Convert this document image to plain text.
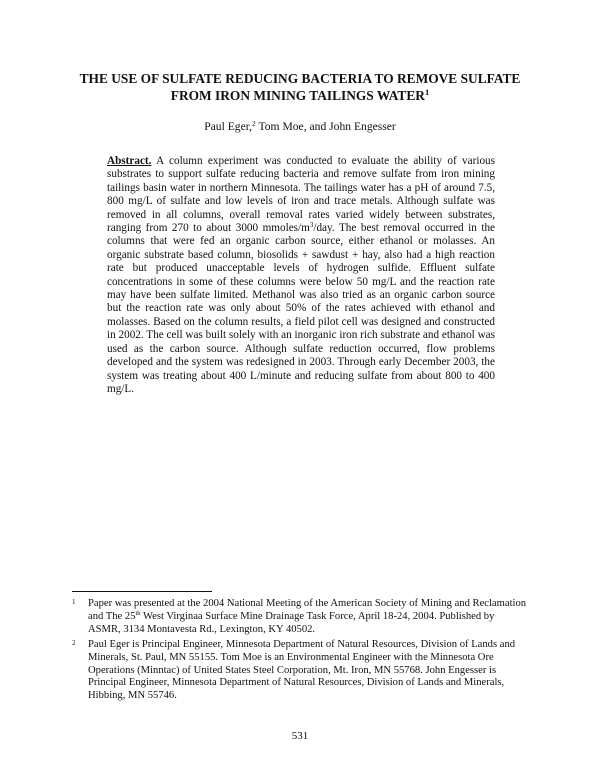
THE USE OF SULFATE REDUCING BACTERIA TO REMOVE SULFATE
FROM IRON MINING TAILINGS WATER$^1$
Paul Eger,$^2$ Tom Moe, and John Engesser

Abstract. A column experiment was conducted to evaluate the ability of various substrates to support sulfate reducing bacteria and remove sulfate from iron mining tailings basin water in northern Minnesota. The tailings water has a pH of around 7.5, 800 mg/L of sulfate and low levels of iron and trace metals. Although sulfate was removed in all columns, overall removal rates varied widely between substrates, ranging from 270 to about 3000 mmoles/$m^3$/day. The best removal occurred in the columns that were fed an organic carbon source, either ethanol or molasses. An organic substrate based column, biosolids + sawdust + hay, also had a high reaction rate but produced unacceptable levels of hydrogen sulfide. Effluent sulfate concentrations in some of these columns were below 50 mg/L and the reaction rate may have been sulfate limited. Methanol was also tried as an organic carbon source but the reaction rate was only about 50% of the rates achieved with ethanol and molasses. Based on the column results, a field pilot cell was designed and constructed in 2002. The cell was built solely with an inorganic iron rich substrate and ethanol was used as the carbon source. Although sulfate reduction occurred, flow problems developed and the system was redesigned in 2003. Through early December 2003, the system was treating about 400 L/minute and reducing sulfate from about 800 to 400 mg/L.

1 Paper was presented at the 2004 National Meeting of the American Society of Mining and Reclamation and The 25th West Virginaa Surface Mine Drainage Task Force, April 18-24, 2004. Published by ASMR, 3134 Montavesta Rd., Lexington, KY 40502.
2 Paul Eger is Principal Engineer, Minnesota Department of Natural Resources, Division of Lands and Minerals, St. Paul, MN 55155. Tom Moe is an Environmental Engineer with the Minnesota Ore Operations (Minntac) of United States Steel Corporation, Mt. Iron, MN 55768. John Engesser is Principal Engineer, Minnesota Department of Natural Resources, Division of Lands and Minerals, Hibbing, MN 55746.
531
